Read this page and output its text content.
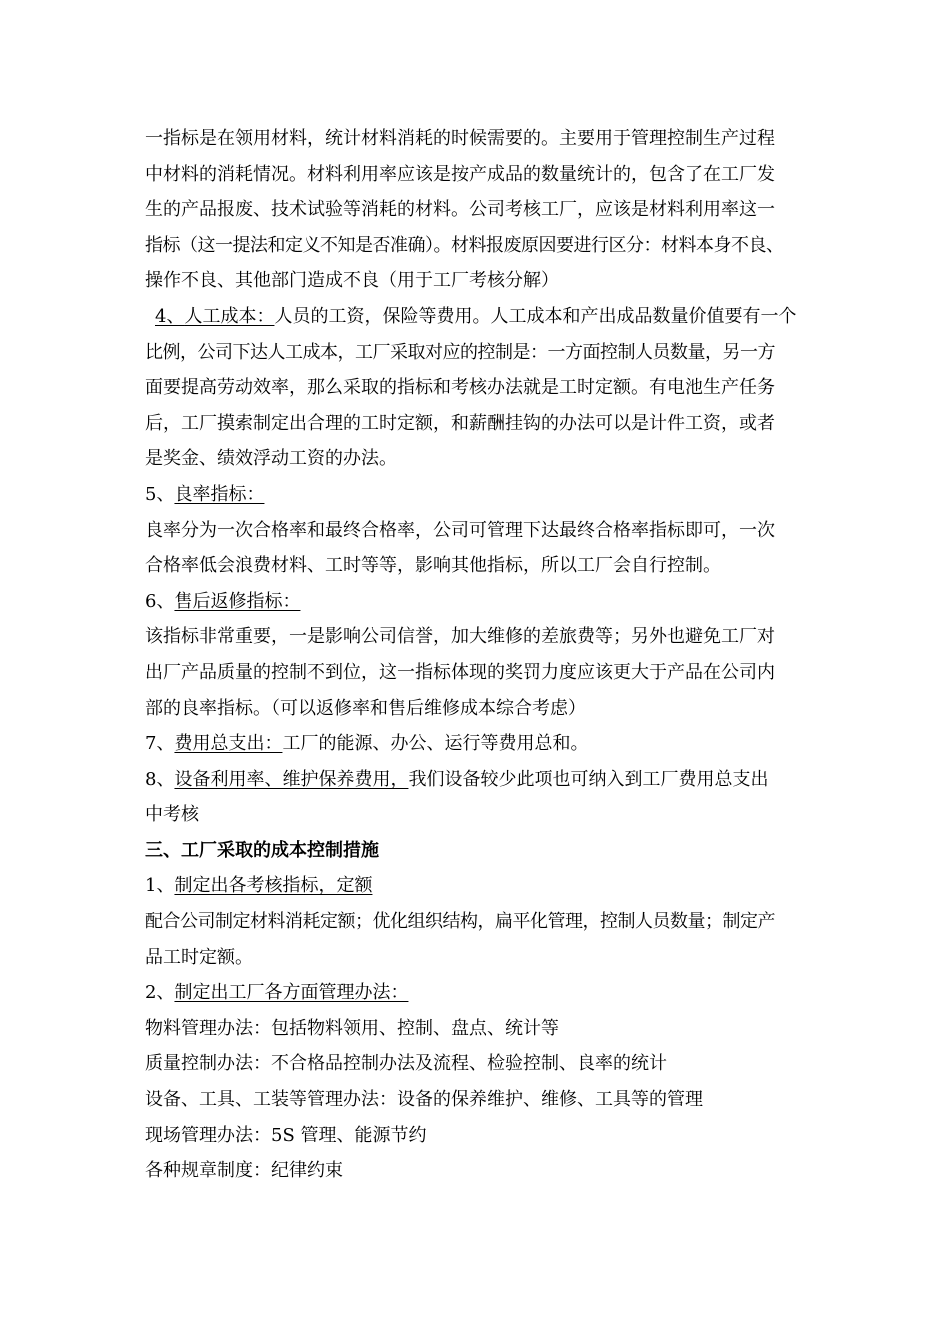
一指标是在领用材料，统计材料消耗的时候需要的。主要用于管理控制生产过程
中材料的消耗情况。材料利用率应该是按产成品的数量统计的，包含了在工厂发
生的产品报废、技术试验等消耗的材料。公司考核工厂，应该是材料利用率这一
指标（这一提法和定义不知是否准确）。材料报废原因要进行区分：材料本身不良、
操作不良、其他部门造成不良（用于工厂考核分解）
4、人工成本：人员的工资，保险等费用。人工成本和产出成品数量价值要有一个
比例，公司下达人工成本，工厂采取对应的控制是：一方面控制人员数量，另一方
面要提高劳动效率，那么采取的指标和考核办法就是工时定额。有电池生产任务
后，工厂摸索制定出合理的工时定额，和薪酬挂钩的办法可以是计件工资，或者
是奖金、绩效浮动工资的办法。
5、良率指标：
良率分为一次合格率和最终合格率，公司可管理下达最终合格率指标即可，一次
合格率低会浪费材料、工时等等，影响其他指标，所以工厂会自行控制。
6、售后返修指标：
该指标非常重要，一是影响公司信誉，加大维修的差旅费等；另外也避免工厂对
出厂产品质量的控制不到位，这一指标体现的奖罚力度应该更大于产品在公司内
部的良率指标。（可以返修率和售后维修成本综合考虑）
7、费用总支出：工厂的能源、办公、运行等费用总和。
8、设备利用率、维护保养费用，我们设备较少此项也可纳入到工厂费用总支出
中考核
三、工厂采取的成本控制措施
1、制定出各考核指标，定额
配合公司制定材料消耗定额；优化组织结构，扁平化管理，控制人员数量；制定产
品工时定额。
2、制定出工厂各方面管理办法：
物料管理办法：包括物料领用、控制、盘点、统计等
质量控制办法：不合格品控制办法及流程、检验控制、良率的统计
设备、工具、工装等管理办法：设备的保养维护、维修、工具等的管理
现场管理办法：5S 管理、能源节约
各种规章制度：纪律约束
